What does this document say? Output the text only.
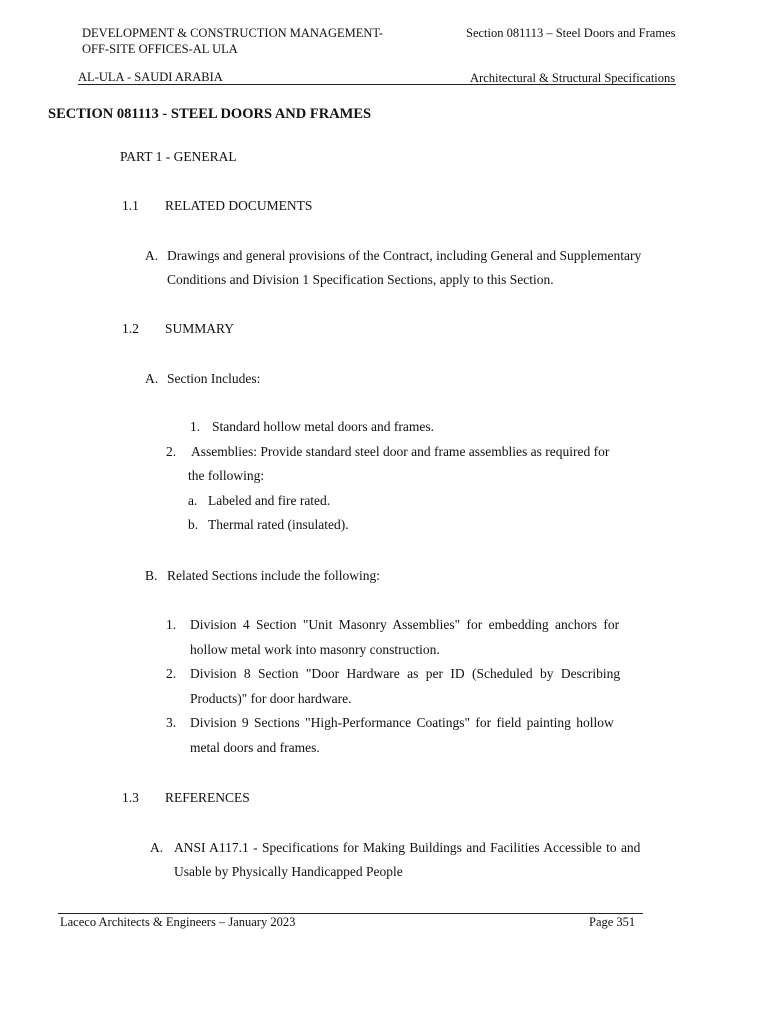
DEVELOPMENT & CONSTRUCTION MANAGEMENT-
OFF-SITE OFFICES-AL ULA
Section 081113 – Steel Doors and Frames
AL-ULA - SAUDI ARABIA	Architectural & Structural Specifications
SECTION 081113 - STEEL DOORS AND FRAMES
PART 1 - GENERAL
1.1 RELATED DOCUMENTS
A. Drawings and general provisions of the Contract, including General and Supplementary
Conditions and Division 1 Specification Sections, apply to this Section.
1.2 SUMMARY
A. Section Includes:
1. Standard hollow metal doors and frames.
2. Assemblies: Provide standard steel door and frame assemblies as required for
the following:
a. Labeled and fire rated.
b. Thermal rated (insulated).
B. Related Sections include the following:
1. Division 4 Section "Unit Masonry Assemblies" for embedding anchors for
hollow metal work into masonry construction.
2. Division 8 Section "Door Hardware as per ID (Scheduled by Describing
Products)" for door hardware.
3. Division 9 Sections "High-Performance Coatings" for field painting hollow
metal doors and frames.
1.3 REFERENCES
A. ANSI A117.1 - Specifications for Making Buildings and Facilities Accessible to and
Usable by Physically Handicapped People
Laceco Architects & Engineers – January 2023	Page 351
